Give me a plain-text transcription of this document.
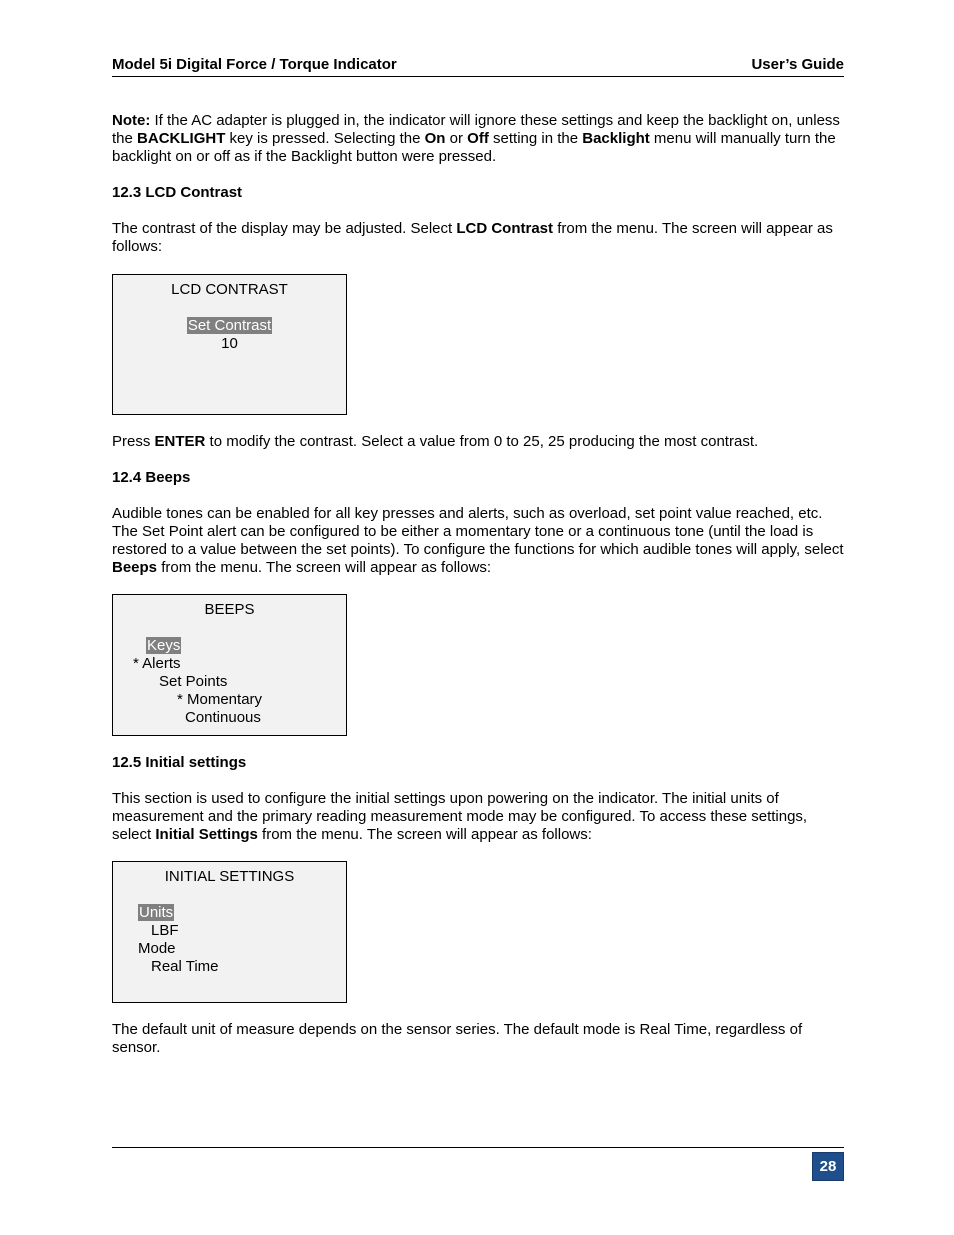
Model 5i Digital Force / Torque Indicator	User’s Guide

Note: If the AC adapter is plugged in, the indicator will ignore these settings and keep the backlight on, unless the BACKLIGHT key is pressed. Selecting the On or Off setting in the Backlight menu will manually turn the backlight on or off as if the Backlight button were pressed.

12.3 LCD Contrast

The contrast of the display may be adjusted. Select LCD Contrast from the menu. The screen will appear as follows:

LCD CONTRAST
Set Contrast
10

Press ENTER to modify the contrast. Select a value from 0 to 25, 25 producing the most contrast.

12.4 Beeps

Audible tones can be enabled for all key presses and alerts, such as overload, set point value reached, etc. The Set Point alert can be configured to be either a momentary tone or a continuous tone (until the load is restored to a value between the set points). To configure the functions for which audible tones will apply, select Beeps from the menu. The screen will appear as follows:

BEEPS
Keys
* Alerts
Set Points
* Momentary
Continuous
12.5 Initial settings

This section is used to configure the initial settings upon powering on the indicator. The initial units of measurement and the primary reading measurement mode may be configured. To access these settings, select Initial Settings from the menu. The screen will appear as follows:

INITIAL SETTINGS
Units
LBF
Mode
Real Time

The default unit of measure depends on the sensor series. The default mode is Real Time, regardless of sensor.

28
